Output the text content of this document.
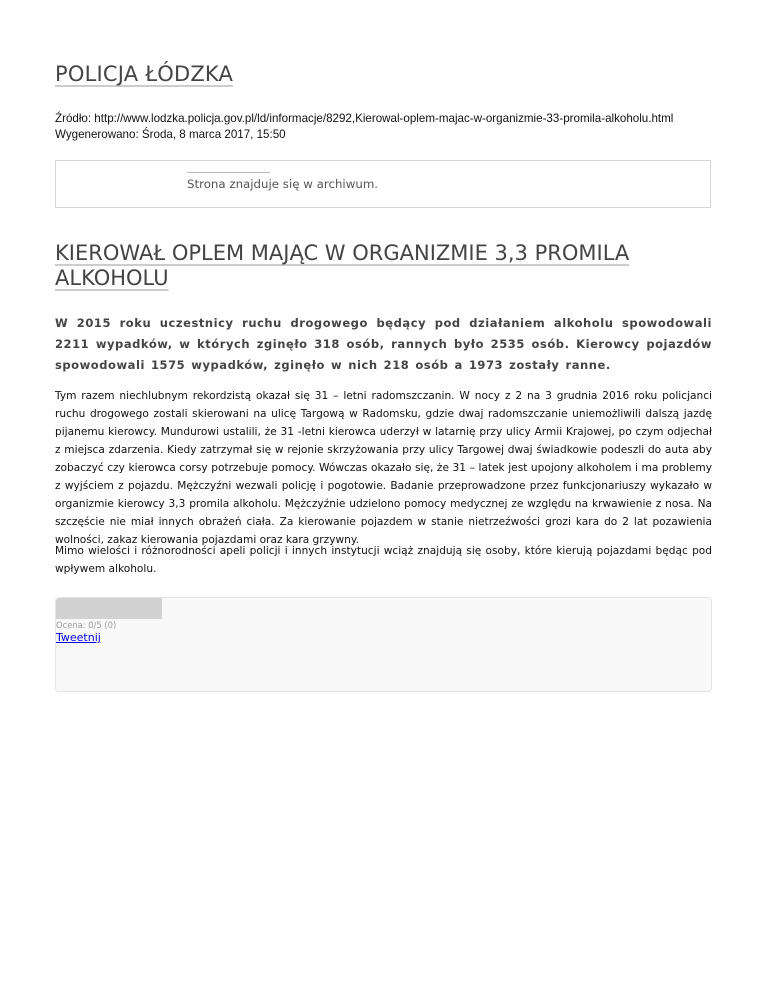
POLICJA ŁÓDZKA
Źródło: http://www.lodzka.policja.gov.pl/ld/informacje/8292,Kierowal-oplem-majac-w-organizmie-33-promila-alkoholu.html
Wygenerowano: Środa, 8 marca 2017, 15:50
Strona znajduje się w archiwum.
KIEROWAŁ OPLEM MAJĄC W ORGANIZMIE 3,3 PROMILA ALKOHOLU

W 2015 roku uczestnicy ruchu drogowego będący pod działaniem alkoholu spowodowali 2211 wypadków, w których zginęło 318 osób, rannych było 2535 osób. Kierowcy pojazdów spowodowali 1575 wypadków, zginęło w nich 218 osób a 1973 zostały ranne.

Tym razem niechlubnym rekordzistą okazał się 31 – letni radomszczanin. W nocy z 2 na 3 grudnia 2016 roku policjanci ruchu drogowego zostali skierowani na ulicę Targową w Radomsku, gdzie dwaj radomszczanie uniemożliwili dalszą jazdę pijanemu kierowcy. Mundurowi ustalili, że 31 -letni kierowca uderzył w latarnię przy ulicy Armii Krajowej, po czym odjechał z miejsca zdarzenia. Kiedy zatrzymał się w rejonie skrzyżowania przy ulicy Targowej dwaj świadkowie podeszli do auta aby zobaczyć czy kierowca corsy potrzebuje pomocy. Wówczas okazało się, że 31 – latek jest upojony alkoholem i ma problemy z wyjściem z pojazdu. Mężczyźni wezwali policję i pogotowie. Badanie przeprowadzone przez funkcjonariuszy wykazało w organizmie kierowcy 3,3 promila alkoholu. Mężczyźnie udzielono pomocy medycznej ze względu na krwawienie z nosa. Na szczęście nie miał innych obrażeń ciała. Za kierowanie pojazdem w stanie nietrzeźwości grozi kara do 2 lat pozawienia wolności, zakaz kierowania pojazdami oraz kara grzywny.

Mimo wielości i różnorodności apeli policji i innych instytucji wciąż znajdują się osoby, które kierują pojazdami będąc pod wpływem alkoholu.

Ocena: 0/5 (0)
Tweetnij
